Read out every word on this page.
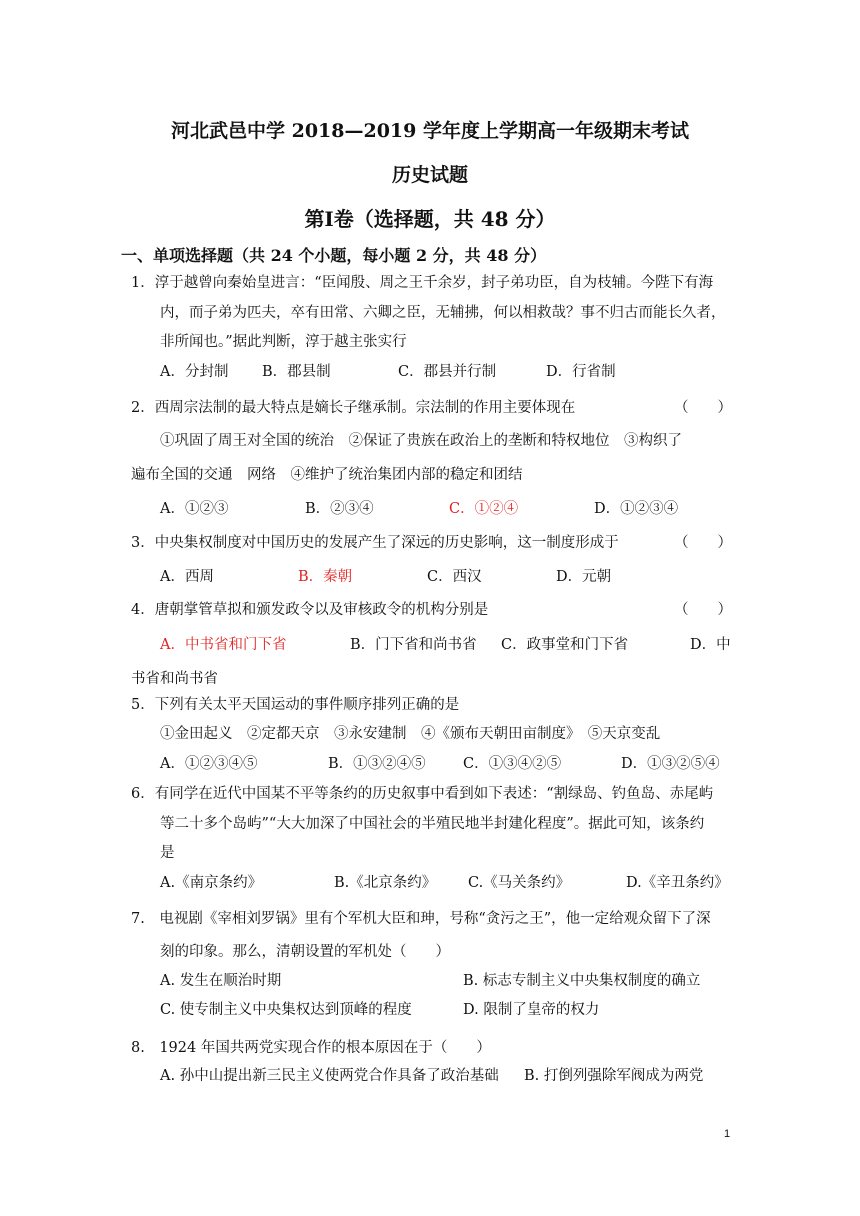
河北武邑中学 2018—2019 学年度上学期高一年级期末考试
历史试题
第Ⅰ卷（选择题，共 48 分）
一、单项选择题（共 24 个小题，每小题 2 分，共 48 分）
1．淳于越曾向秦始皇进言：“臣闻殷、周之王千余岁，封子弟功臣，自为枝辅。今陛下有海
内，而子弟为匹夫，卒有田常、六卿之臣，无辅拂，何以相救哉？事不归古而能长久者，
非所闻也。”据此判断，淳于越主张实行
A．分封制 B．郡县制	C．郡县并行制	D．行省制
2．西周宗法制的最大特点是嫡长子继承制。宗法制的作用主要体现在	（　　）
①巩固了周王对全国的统治　②保证了贵族在政治上的垄断和特权地位　③构织了
遍布全国的交通　网络　④维护了统治集团内部的稳定和团结
A．①②③	B．②③④	C．①②④	D．①②③④
3．中央集权制度对中国历史的发展产生了深远的历史影响，这一制度形成于	（　　）
A．西周	B．秦朝	C．西汉	D．元朝
4．唐朝掌管草拟和颁发政令以及审核政令的机构分别是	（　　）
A．中书省和门下省	B．门下省和尚书省 C．政事堂和门下省	D．中
书省和尚书省
5．下列有关太平天国运动的事件顺序排列正确的是
①金田起义　②定都天京　③永安建制　④《颁布天朝田亩制度》　⑤天京变乱
A．①②③④⑤	B．①③②④⑤	C．①③④②⑤	D．①③②⑤④
6．有同学在近代中国某不平等条约的历史叙事中看到如下表述：“割绿岛、钓鱼岛、赤尾屿
等二十多个岛屿”“大大加深了中国社会的半殖民地半封建化程度”。据此可知，该条约
是
A.《南京条约》	B.《北京条约》 C.《马关条约》	D.《辛丑条约》
7.　电视剧《宰相刘罗锅》里有个军机大臣和珅，号称“贪污之王”，他一定给观众留下了深
刻的印象。那么，清朝设置的军机处（　　）
A. 发生在顺治时期	B. 标志专制主义中央集权制度的确立
C. 使专制主义中央集权达到顶峰的程度	D. 限制了皇帝的权力
8.　1924 年国共两党实现合作的根本原因在于（　　）
A. 孙中山提出新三民主义使两党合作具备了政治基础 B. 打倒列强除军阀成为两党
1
